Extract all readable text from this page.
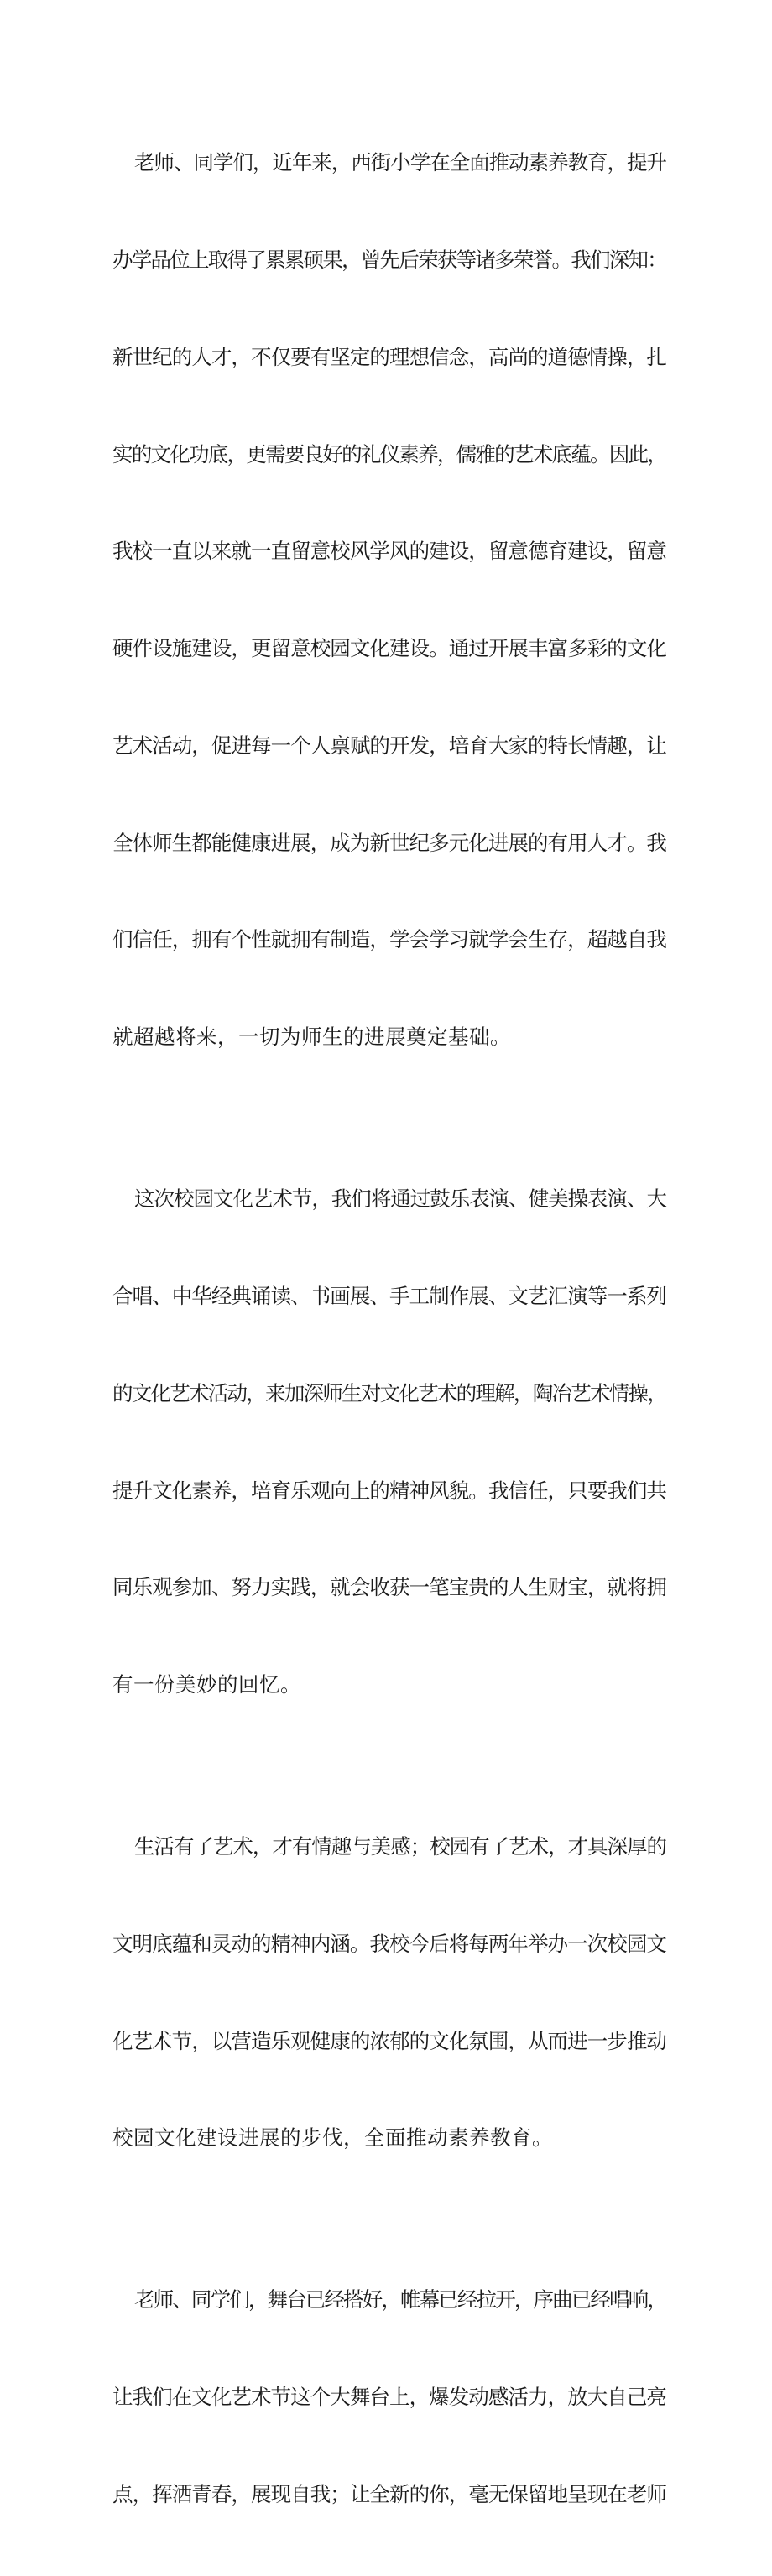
老师、同学们，近年来，西街小学在全面推动素养教育，提升

办学品位上取得了累累硕果，曾先后荣获等诸多荣誉。我们深知：

新世纪的人才，不仅要有坚定的理想信念，高尚的道德情操，扎

实的文化功底，更需要良好的礼仪素养，儒雅的艺术底蕴。因此，

我校一直以来就一直留意校风学风的建设，留意德育建设，留意

硬件设施建设，更留意校园文化建设。通过开展丰富多彩的文化

艺术活动，促进每一个人禀赋的开发，培育大家的特长情趣，让

全体师生都能健康进展，成为新世纪多元化进展的有用人才。我

们信任，拥有个性就拥有制造，学会学习就学会生存，超越自我

就超越将来，一切为师生的进展奠定基础。

这次校园文化艺术节，我们将通过鼓乐表演、健美操表演、大

合唱、中华经典诵读、书画展、手工制作展、文艺汇演等一系列

的文化艺术活动，来加深师生对文化艺术的理解，陶冶艺术情操，

提升文化素养，培育乐观向上的精神风貌。我信任，只要我们共

同乐观参加、努力实践，就会收获一笔宝贵的人生财宝，就将拥

有一份美妙的回忆。

生活有了艺术，才有情趣与美感；校园有了艺术，才具深厚的

文明底蕴和灵动的精神内涵。我校今后将每两年举办一次校园文

化艺术节，以营造乐观健康的浓郁的文化氛围，从而进一步推动

校园文化建设进展的步伐，全面推动素养教育。

老师、同学们，舞台已经搭好，帷幕已经拉开，序曲已经唱响，

让我们在文化艺术节这个大舞台上，爆发动感活力，放大自己亮

点，挥洒青春，展现自我；让全新的你，毫无保留地呈现在老师
